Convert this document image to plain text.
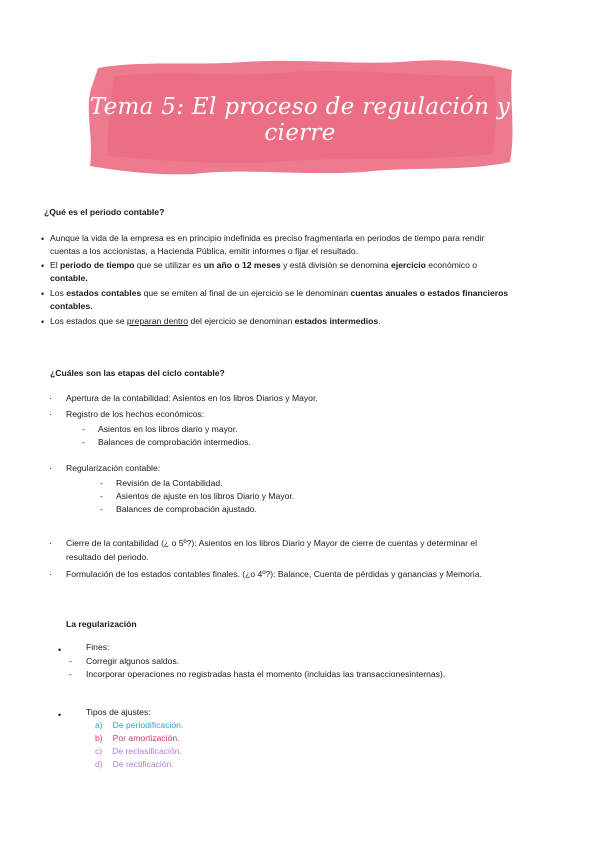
Tema 5: El proceso de regulación y cierre
¿Qué es el periodo contable?
• Aunque la vida de la empresa es en principio indefinida es preciso fragmentarla en periodos de tiempo para rendir
cuentas a los accionistas, a Hacienda Pública, emitir informes o fijar el resultado.
• El periodo de tiempo que se utilizar es un año o 12 meses y está división se denomina ejercicio económico o
contable.
• Los estados contables que se emiten al final de un ejercicio se le denominan cuentas anuales o estados financieros
contables.
• Los estados que se preparan dentro del ejercicio se denominan estados intermedios.
¿Cuáles son las etapas del ciclo contable?
· Apertura de la contabilidad: Asientos en los libros Diarios y Mayor.
· Registro de los hechos económicos:
- Asientos en los libros diario y mayor.
- Balances de comprobación intermedios.
· Regularización contable:
- Revisión de la Contabilidad.
- Asientos de ajuste en los libros Diario y Mayor.
- Balances de comprobación ajustado.
· Cierre de la contabilidad (¿ o 5º?): Asientos en los libros Diario y Mayor de cierre de cuentas y determinar el
resultado del periodo.
· Formulación de los estados contables finales. (¿o 4º?): Balance, Cuenta de pérdidas y ganancias y Memoria.
La regularización
•	Fines:
- Corregir algunos saldos.
- Incorporar operaciones no registradas hasta el momento (incluidas las transaccionesinternas).
•	Tipos de ajustes:
a) De periodificación.
b) Por amortización.
c) De reclasificación.
d) De rectificación.
